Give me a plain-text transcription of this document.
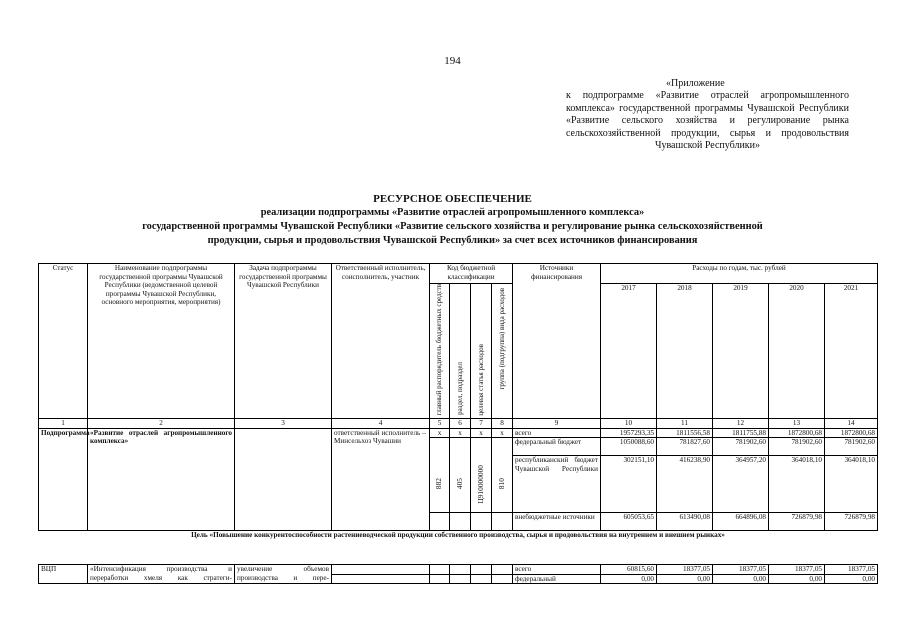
194
«Приложение
к подпрограмме «Развитие отраслей агропромышленного комплекса» государственной программы Чувашской Республики «Развитие сельского хозяйства и регулирование рынка сельскохозяйственной продукции, сырья и продовольствия Чувашской Республики»
РЕСУРСНОЕ ОБЕСПЕЧЕНИЕ
реализации подпрограммы «Развитие отраслей агропромышленного комплекса»
государственной программы Чувашской Республики «Развитие сельского хозяйства и регулирование рынка сельскохозяйственной
продукции, сырья и продовольствия Чувашской Республики» за счет всех источников финансирования
Статус	Наименование подпрограммы государственной программы Чувашской Республики (ведомственной целевой программы Чувашской Республики, основного мероприятия, мероприятия)	Задача подпрограммы государственной программы Чувашской Республики	Ответственный исполнитель, соисполнитель, участник	Код бюджетной классификации				Источники финансирования	Расходы по годам, тыс. рублей				

				главный распорядитель бюджетных средств	раздел, подраздел	целевая статья расходов	группа (подгруппа) вида расходов		2017	2018	2019	2020	2021

1	2	3	4	5	6	7	8	9	10	11	12	13	14
Подпрограмма	«Развитие отраслей агропромышленного комплекса»		ответственный исполнитель – Минсельхоз Чувашии	x	x	x	x	всего	1957293,35	1811556,58	1811755,88	1872800,68	1872800,68
								федеральный бюджет	1050088,60	781827,60	781902,60	781902,60	781902,60

				882	405	Ц910000000	810	республиканский бюджет Чувашской Республики	302151,10	416238,90	364957,20	364018,10	364018,10
								внебюджетные источники	605053,65	613490,08	664896,08	726879,98	726879,98
Цель «Повышение конкурентоспособности растениеводческой продукции собственного производства, сырья и продовольствия на внутреннем и внешнем рынках»													
ВЦП	«Интенсификация производства и	увеличение объемов						всего	60815,60	18377,05	18377,05	18377,05	18377,05
	переработки хмеля как стратеги-	производства и пере-						федеральный	0,00	0,00	0,00	0,00	0,00
